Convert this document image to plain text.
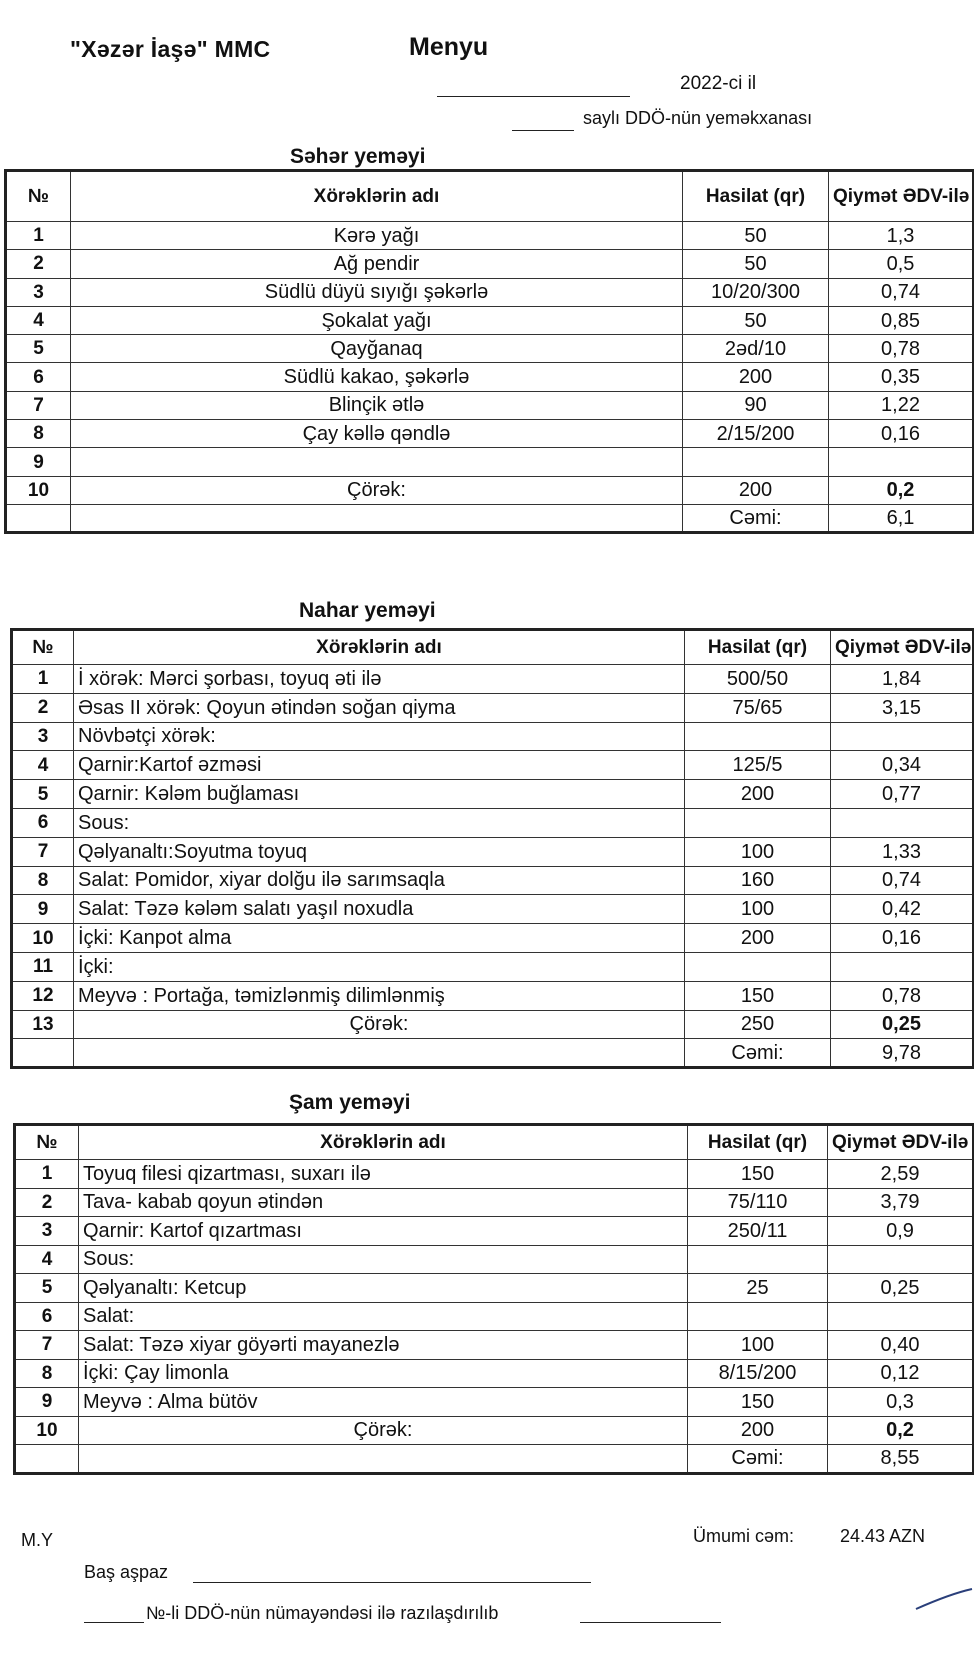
"Xəzər İaşə" MMC	Menyu
2022-ci il
saylı DDÖ-nün yeməkxanası
Səhər yeməyi
№	Xörəklərin adı	Hasilat (qr)	Qiymət ƏDV-ilə
1	Kərə yağı	50	1,3
2	Ağ pendir	50	0,5
3	Südlü düyü sıyığı şəkərlə	10/20/300	0,74
4	Şokalat yağı	50	0,85
5	Qayğanaq	2əd/10	0,78
6	Südlü kakao, şəkərlə	200	0,35
7	Blinçik ətlə	90	1,22
8	Çay kəllə qəndlə	2/15/200	0,16
9			
10	Çörək:	200	0,2
		Cəmi:	6,1
Nahar yeməyi
№	Xörəklərin adı	Hasilat (qr)	Qiymət ƏDV-ilə
1	İ xörək: Mərci şorbası, toyuq əti ilə	500/50	1,84
2	Əsas II xörək: Qoyun ətindən soğan qiyma	75/65	3,15
3	Növbətçi xörək:		
4	Qarnir:Kartof əzməsi	125/5	0,34
5	Qarnir: Kələm buğlaması	200	0,77
6	Sous:		
7	Qəlyanaltı:Soyutma toyuq	100	1,33
8	Salat: Pomidor, xiyar dolğu ilə sarımsaqla	160	0,74
9	Salat: Təzə kələm salatı yaşıl noxudla	100	0,42
10	İçki: Kanpot alma	200	0,16
11	İçki:		
12	Meyvə : Portağa, təmizlənmiş dilimlənmiş	150	0,78
13	Çörək:	250	0,25
		Cəmi:	9,78
Şam yeməyi
№	Xörəklərin adı	Hasilat (qr)	Qiymət ƏDV-ilə
1	Toyuq filesi qizartması, suxarı ilə	150	2,59
2	Tava- kabab qoyun ətindən	75/110	3,79
3	Qarnir: Kartof qızartması	250/11	0,9
4	Sous:		
5	Qəlyanaltı: Ketcup	25	0,25
6	Salat:		
7	Salat: Təzə xiyar göyərti mayanezlə	100	0,40
8	İçki: Çay limonla	8/15/200	0,12
9	Meyvə : Alma bütöv	150	0,3
10	Çörək:	200	0,2
		Cəmi:	8,55
M.Y	Ümumi cəm:	24.43 AZN
Baş aşpaz
№-li DDÖ-nün nümayəndəsi ilə razılaşdırılıb
